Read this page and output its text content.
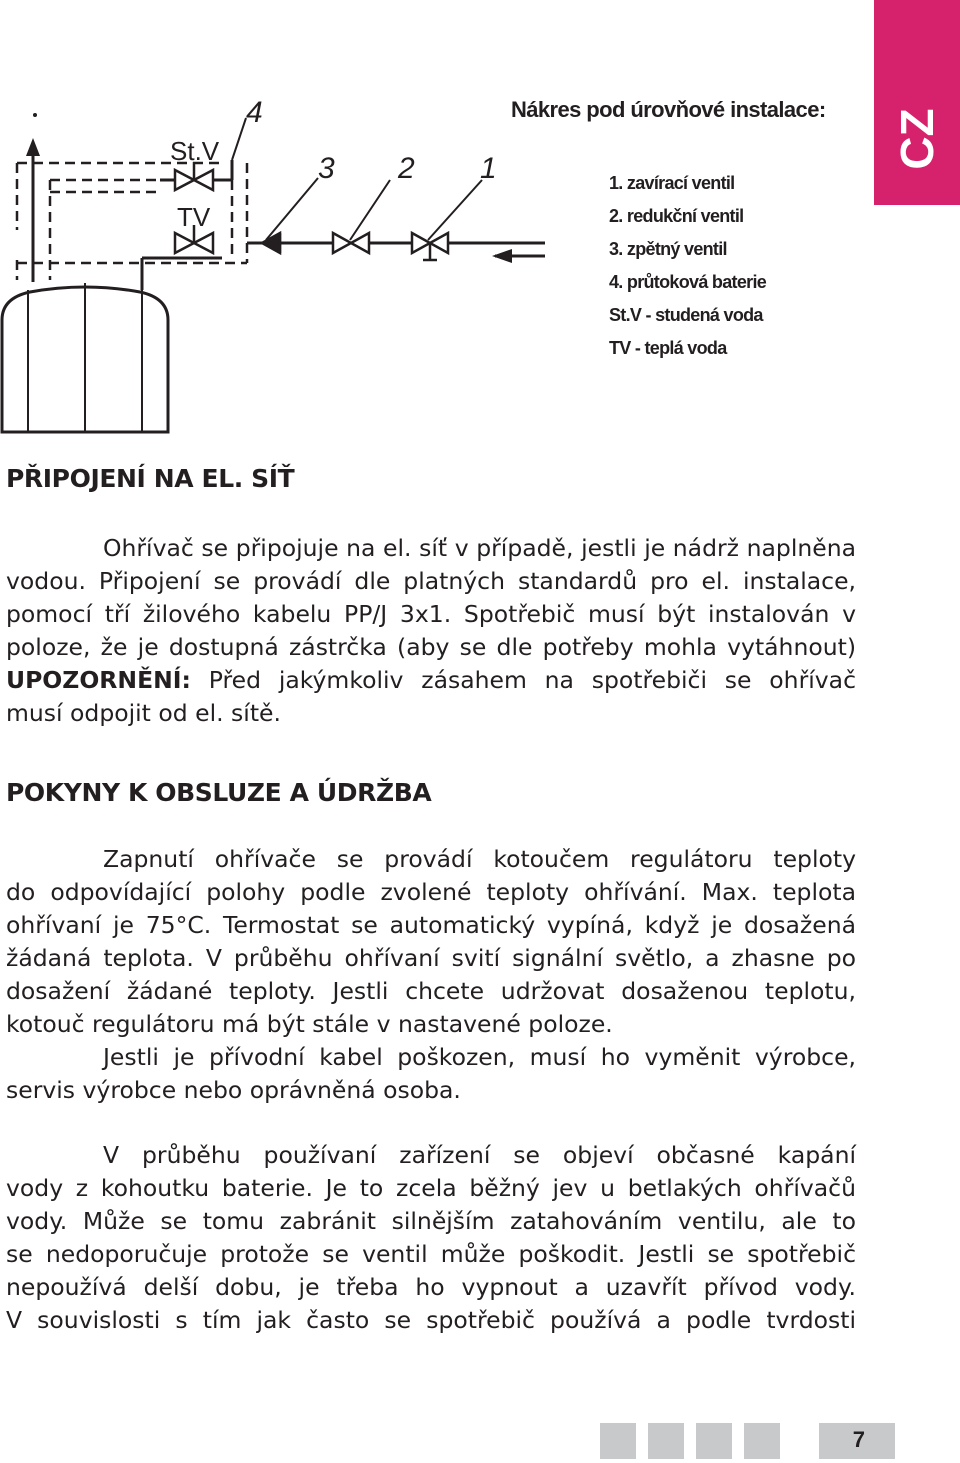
St.V
TV
4
3 2 1
Nákres pod úrovňové instalace:
1. zavírací ventil
2. redukční ventil
3. zpětný ventil
4. průtoková baterie
St.V - studená voda
TV - teplá voda
CZ
PŘIPOJENÍ NA EL. SÍŤ
Ohřívač se připojuje na el. síť v případě, jestli je nádrž naplněna
vodou. Připojení se provádí dle platných standardů pro el. instalace,
pomocí tří žilového kabelu PP/J 3x1. Spotřebič musí být instalován v
poloze, že je dostupná zástrčka (aby se dle potřeby mohla vytáhnout)
UPOZORNĚNÍ: Před jakýmkoliv zásahem na spotřebiči se ohřívač
musí odpojit od el. sítě.
POKYNY K OBSLUZE A ÚDRŽBA
Zapnutí ohřívače se provádí kotoučem regulátoru teploty
do odpovídající polohy podle zvolené teploty ohřívání. Max. teplota
ohřívaní je 75°C. Termostat se automatický vypíná, když je dosažená
žádaná teplota. V průběhu ohřívaní svití signální světlo, a zhasne po
dosažení žádané teploty. Jestli chcete udržovat dosaženou teplotu,
kotouč regulátoru má být stále v nastavené poloze.
Jestli je přívodní kabel poškozen, musí ho vyměnit výrobce,
servis výrobce nebo oprávněná osoba.
V průběhu používaní zařízení se objeví občasné kapání
vody z kohoutku baterie. Je to zcela běžný jev u betlakých ohřívačů
vody. Může se tomu zabránit silnějším zatahováním ventilu, ale to
se nedoporučuje protože se ventil může poškodit. Jestli se spotřebič
nepoužívá delší dobu, je třeba ho vypnout a uzavřít přívod vody.
V souvislosti s tím jak často se spotřebič používá a podle tvrdosti
7
